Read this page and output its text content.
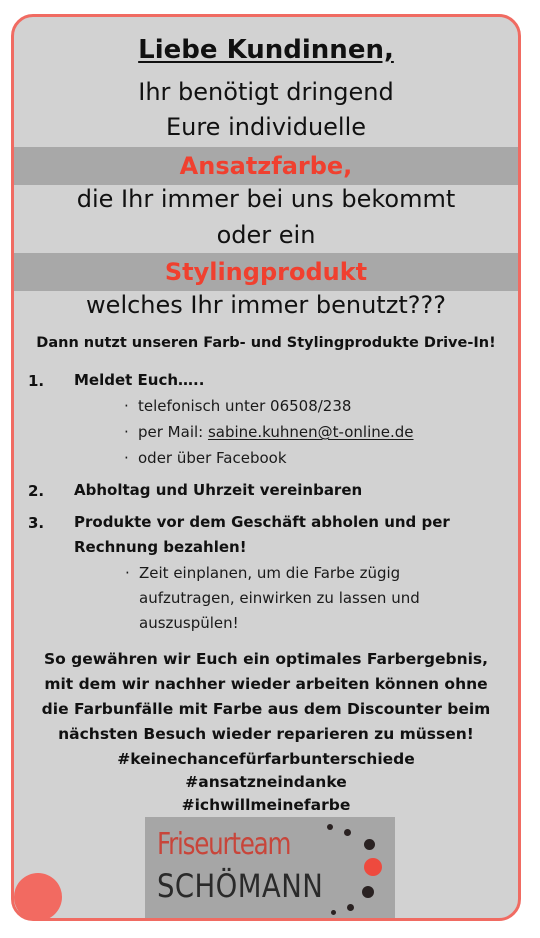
Liebe Kundinnen,
Ihr benötigt dringend
Eure individuelle
Ansatzfarbe,
die Ihr immer bei uns bekommt
oder ein
Stylingprodukt
welches Ihr immer benutzt???
Dann nutzt unseren Farb- und Stylingprodukte Drive-In!
1. Meldet Euch…..
· telefonisch unter 06508/238
· per Mail: sabine.kuhnen@t-online.de
· oder über Facebook
2. Abholtag und Uhrzeit vereinbaren
3. Produkte vor dem Geschäft abholen und per
Rechnung bezahlen!
· Zeit einplanen, um die Farbe zügig
aufzutragen, einwirken zu lassen und
auszuspülen!
So gewähren wir Euch ein optimales Farbergebnis,
mit dem wir nachher wieder arbeiten können ohne
die Farbunfälle mit Farbe aus dem Discounter beim
nächsten Besuch wieder reparieren zu müssen!
#keinechancefürfarbunterschiede
#ansatzneindanke
#ichwillmeinefarbe
Friseurteam
SCHÖMANN
